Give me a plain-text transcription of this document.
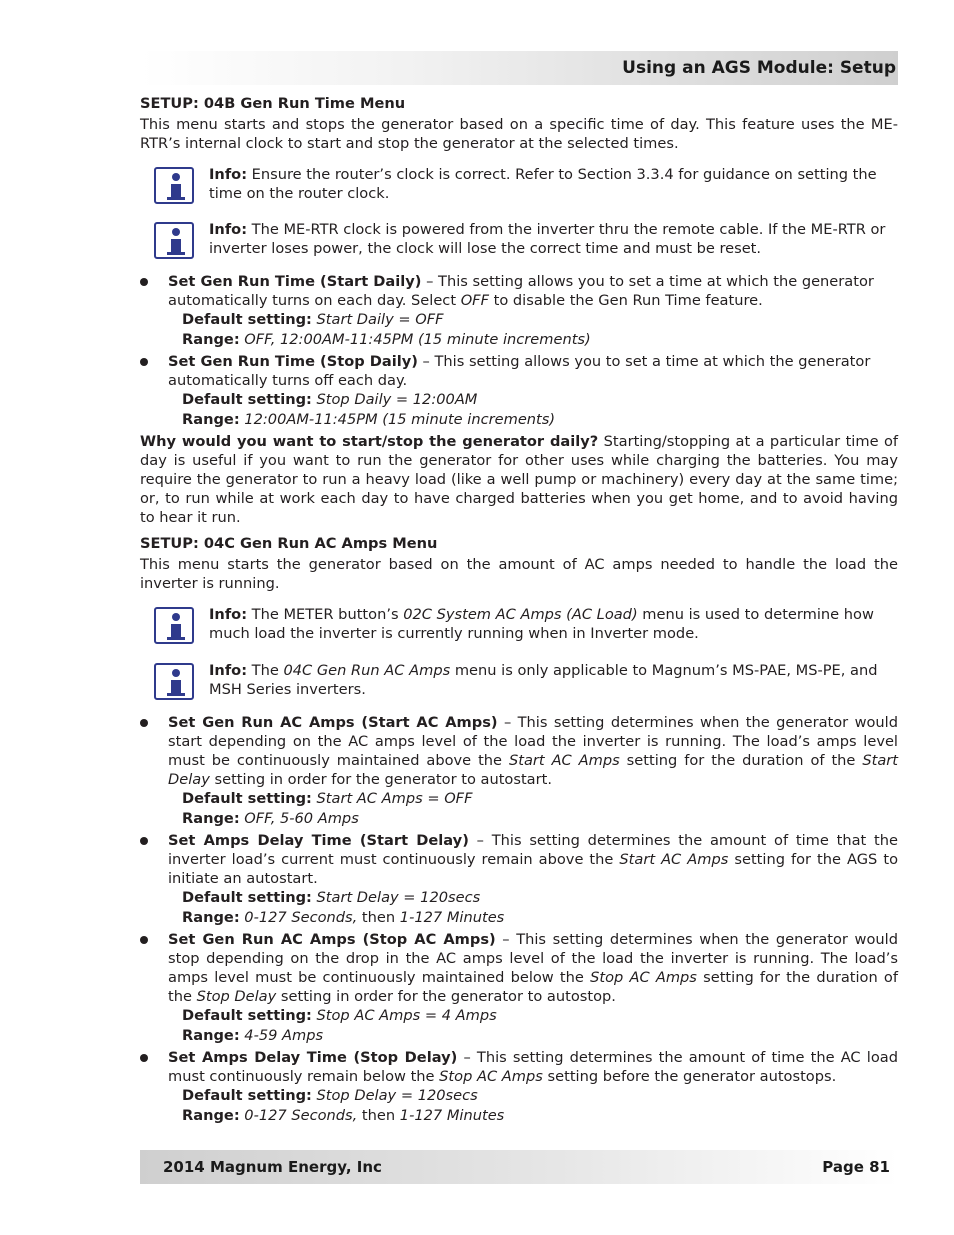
Using an AGS Module: Setup
SETUP: 04B Gen Run Time Menu
This menu starts and stops the generator based on a specific time of day. This feature uses the ME-RTR’s internal clock to start and stop the generator at the selected times.
Info: Ensure the router’s clock is correct. Refer to Section 3.3.4 for guidance on setting the time on the router clock.
Info: The ME-RTR clock is powered from the inverter thru the remote cable. If the ME-RTR or inverter loses power, the clock will lose the correct time and must be reset.
Set Gen Run Time (Start Daily) – This setting allows you to set a time at which the generator automatically turns on each day. Select OFF to disable the Gen Run Time feature.
Default setting: Start Daily = OFF
Range: OFF, 12:00AM-11:45PM (15 minute increments)
Set Gen Run Time (Stop Daily) – This setting allows you to set a time at which the generator automatically turns off each day.
Default setting: Stop Daily = 12:00AM
Range: 12:00AM-11:45PM (15 minute increments)
Why would you want to start/stop the generator daily? Starting/stopping at a particular time of day is useful if you want to run the generator for other uses while charging the batteries. You may require the generator to run a heavy load (like a well pump or machinery) every day at the same time; or, to run while at work each day to have charged batteries when you get home, and to avoid having to hear it run.
SETUP: 04C Gen Run AC Amps Menu
This menu starts the generator based on the amount of AC amps needed to handle the load the inverter is running.
Info: The METER button’s 02C System AC Amps (AC Load) menu is used to determine how much load the inverter is currently running when in Inverter mode.
Info: The 04C Gen Run AC Amps menu is only applicable to Magnum’s MS-PAE, MS-PE, and MSH Series inverters.
Set Gen Run AC Amps (Start AC Amps) – This setting determines when the generator would start depending on the AC amps level of the load the inverter is running. The load’s amps level must be continuously maintained above the Start AC Amps setting for the duration of the Start Delay setting in order for the generator to autostart.
Default setting: Start AC Amps = OFF
Range: OFF, 5-60 Amps
Set Amps Delay Time (Start Delay) – This setting determines the amount of time that the inverter load’s current must continuously remain above the Start AC Amps setting for the AGS to initiate an autostart.
Default setting: Start Delay = 120secs
Range: 0-127 Seconds, then 1-127 Minutes
Set Gen Run AC Amps (Stop AC Amps) – This setting determines when the generator would stop depending on the drop in the AC amps level of the load the inverter is running. The load’s amps level must be continuously maintained below the Stop AC Amps setting for the duration of the Stop Delay setting in order for the generator to autostop.
Default setting: Stop AC Amps = 4 Amps
Range: 4-59 Amps
Set Amps Delay Time (Stop Delay) – This setting determines the amount of time the AC load must continuously remain below the Stop AC Amps setting before the generator autostops.
Default setting: Stop Delay = 120secs
Range: 0-127 Seconds, then 1-127 Minutes
2014 Magnum Energy, Inc	Page 81
